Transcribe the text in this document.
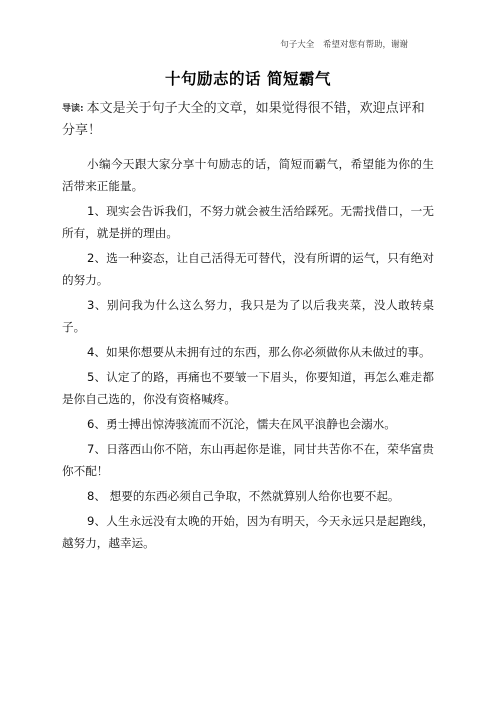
句子大全 希望对您有帮助，谢谢
十句励志的话 简短霸气
导读: 本文是关于句子大全的文章，如果觉得很不错，欢迎点评和分享！

小编今天跟大家分享十句励志的话，简短而霸气，希望能为你的生活带来正能量。

1、现实会告诉我们，不努力就会被生活给踩死。无需找借口，一无所有，就是拼的理由。

2、选一种姿态，让自己活得无可替代，没有所谓的运气，只有绝对的努力。

3、别问我为什么这么努力，我只是为了以后我夹菜，没人敢转桌子。

4、如果你想要从未拥有过的东西，那么你必须做你从未做过的事。

5、认定了的路，再痛也不要皱一下眉头，你要知道，再怎么难走都是你自己选的，你没有资格喊疼。

6、勇士搏出惊涛骇流而不沉沦，懦夫在风平浪静也会溺水。

7、日落西山你不陪，东山再起你是谁，同甘共苦你不在，荣华富贵你不配！

8、 想要的东西必须自己争取，不然就算别人给你也要不起。

9、人生永远没有太晚的开始，因为有明天，今天永远只是起跑线，越努力，越幸运。
